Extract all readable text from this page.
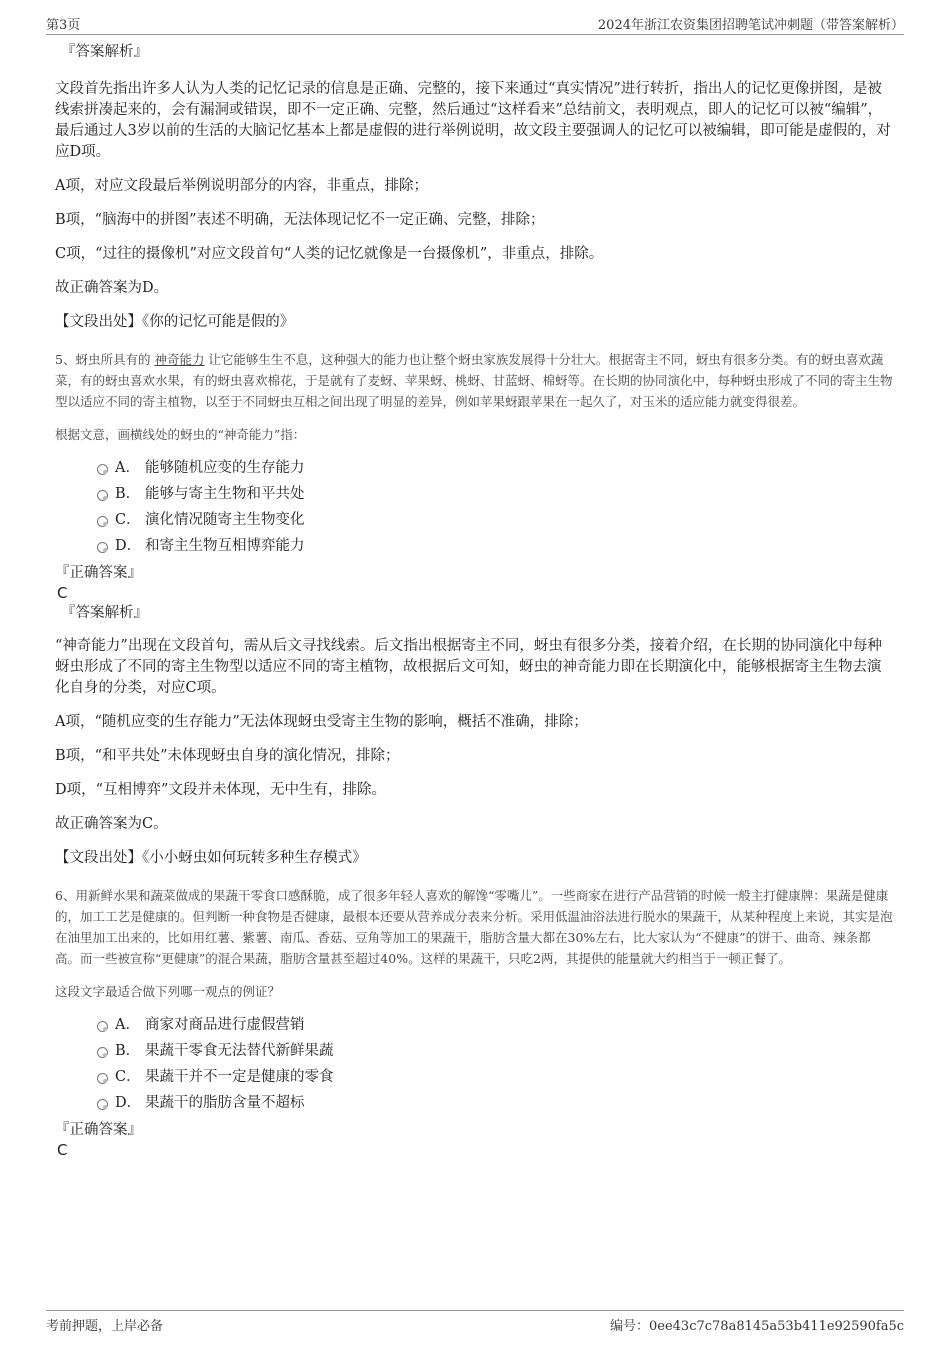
第3页	2024年浙江农资集团招聘笔试冲刺题（带答案解析）

『答案解析』

文段首先指出许多人认为人类的记忆记录的信息是正确、完整的，接下来通过“真实情况”进行转折，指出人的记忆更像拼图，是被线索拼凑起来的，会有漏洞或错误，即不一定正确、完整，然后通过“这样看来”总结前文，表明观点，即人的记忆可以被“编辑”，最后通过人3岁以前的生活的大脑记忆基本上都是虚假的进行举例说明，故文段主要强调人的记忆可以被编辑，即可能是虚假的，对应D项。

A项，对应文段最后举例说明部分的内容，非重点，排除；

B项，“脑海中的拼图”表述不明确，无法体现记忆不一定正确、完整，排除；

C项，“过往的摄像机”对应文段首句“人类的记忆就像是一台摄像机”，非重点，排除。

故正确答案为D。

【文段出处】《你的记忆可能是假的》

5、蚜虫所具有的 神奇能力 让它能够生生不息，这种强大的能力也让整个蚜虫家族发展得十分壮大。根据寄主不同，蚜虫有很多分类。有的蚜虫喜欢蔬菜，有的蚜虫喜欢水果，有的蚜虫喜欢棉花，于是就有了麦蚜、苹果蚜、桃蚜、甘蓝蚜、棉蚜等。在长期的协同演化中，每种蚜虫形成了不同的寄主生物型以适应不同的寄主植物，以至于不同蚜虫互相之间出现了明显的差异，例如苹果蚜跟苹果在一起久了，对玉米的适应能力就变得很差。

根据文意，画横线处的蚜虫的“神奇能力”指：

A． 能够随机应变的生存能力
B． 能够与寄主生物和平共处
C． 演化情况随寄主生物变化
D． 和寄主生物互相博弈能力

『正确答案』

C

『答案解析』

“神奇能力”出现在文段首句，需从后文寻找线索。后文指出根据寄主不同，蚜虫有很多分类，接着介绍，在长期的协同演化中每种蚜虫形成了不同的寄主生物型以适应不同的寄主植物，故根据后文可知，蚜虫的神奇能力即在长期演化中，能够根据寄主生物去演化自身的分类，对应C项。

A项，“随机应变的生存能力”无法体现蚜虫受寄主生物的影响，概括不准确，排除；

B项，“和平共处”未体现蚜虫自身的演化情况，排除；

D项，“互相博弈”文段并未体现，无中生有，排除。

故正确答案为C。

【文段出处】《小小蚜虫如何玩转多种生存模式》

6、用新鲜水果和蔬菜做成的果蔬干零食口感酥脆，成了很多年轻人喜欢的解馋“零嘴儿”。一些商家在进行产品营销的时候一般主打健康牌：果蔬是健康的，加工工艺是健康的。但判断一种食物是否健康，最根本还要从营养成分表来分析。采用低温油浴法进行脱水的果蔬干，从某种程度上来说，其实是泡在油里加工出来的，比如用红薯、紫薯、南瓜、香菇、豆角等加工的果蔬干，脂肪含量大都在30%左右，比大家认为“不健康”的饼干、曲奇、辣条都高。而一些被宣称“更健康”的混合果蔬，脂肪含量甚至超过40%。这样的果蔬干，只吃2两，其提供的能量就大约相当于一顿正餐了。

这段文字最适合做下列哪一观点的例证？

A． 商家对商品进行虚假营销
B． 果蔬干零食无法替代新鲜果蔬
C． 果蔬干并不一定是健康的零食
D． 果蔬干的脂肪含量不超标

『正确答案』

C

考前押题，上岸必备	编号：0ee43c7c78a8145a53b411e92590fa5c
